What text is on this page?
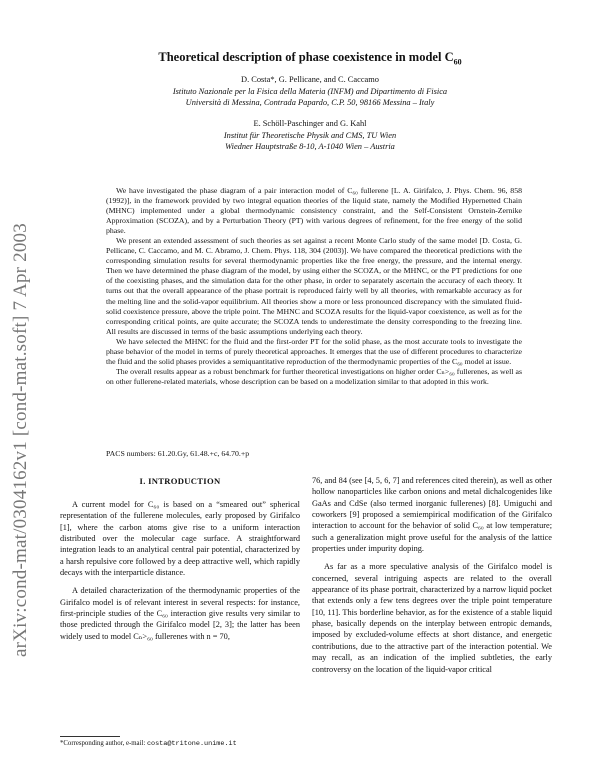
arXiv:cond-mat/0304162v1 [cond-mat.soft] 7 Apr 2003
Theoretical description of phase coexistence in model $C_{60}$
D. Costa*, G. Pellicane, and C. Caccamo
Istituto Nazionale per la Fisica della Materia (INFM) and Dipartimento di Fisica
Università di Messina, Contrada Papardo, C.P. 50, 98166 Messina – Italy
E. Schöll-Paschinger and G. Kahl
Institut für Theoretische Physik and CMS, TU Wien
Wiedner Hauptstraße 8-10, A-1040 Wien – Austria

We have investigated the phase diagram of a pair interaction model of C₆₀ fullerene [L. A. Girifalco, J. Phys. Chem. 96, 858 (1992)], in the framework provided by two integral equation theories of the liquid state, namely the Modified Hypernetted Chain (MHNC) implemented under a global thermodynamic consistency constraint, and the Self-Consistent Ornstein-Zernike Approximation (SCOZA), and by a Perturbation Theory (PT) with various degrees of refinement, for the free energy of the solid phase.

We present an extended assessment of such theories as set against a recent Monte Carlo study of the same model [D. Costa, G. Pellicane, C. Caccamo, and M. C. Abramo, J. Chem. Phys. 118, 304 (2003)]. We have compared the theoretical predictions with the corresponding simulation results for several thermodynamic properties like the free energy, the pressure, and the internal energy. Then we have determined the phase diagram of the model, by using either the SCOZA, or the MHNC, or the PT predictions for one of the coexisting phases, and the simulation data for the other phase, in order to separately ascertain the accuracy of each theory. It turns out that the overall appearance of the phase portrait is reproduced fairly well by all theories, with remarkable accuracy as for the melting line and the solid-vapor equilibrium. All theories show a more or less pronounced discrepancy with the simulated fluid-solid coexistence pressure, above the triple point. The MHNC and SCOZA results for the liquid-vapor coexistence, as well as for the corresponding critical points, are quite accurate; the SCOZA tends to underestimate the density corresponding to the freezing line. All results are discussed in terms of the basic assumptions underlying each theory.

We have selected the MHNC for the fluid and the first-order PT for the solid phase, as the most accurate tools to investigate the phase behavior of the model in terms of purely theoretical approaches. It emerges that the use of different procedures to characterize the fluid and the solid phases provides a semiquantitative reproduction of the thermodynamic properties of the C₆₀ model at issue.

The overall results appear as a robust benchmark for further theoretical investigations on higher order Cₙ>₆₀ fullerenes, as well as on other fullerene-related materials, whose description can be based on a modelization similar to that adopted in this work.

PACS numbers: 61.20.Gy, 61.48.+c, 64.70.+p
I. INTRODUCTION

A current model for C₆₀ is based on a “smeared out” spherical representation of the fullerene molecules, early proposed by Girifalco [1], where the carbon atoms give rise to a uniform interaction distributed over the molecular cage surface. A straightforward integration leads to an analytical central pair potential, characterized by a harsh repulsive core followed by a deep attractive well, which rapidly decays with the interparticle distance.

A detailed characterization of the thermodynamic properties of the Girifalco model is of relevant interest in several respects: for instance, first-principle studies of the C₆₀ interaction give results very similar to those predicted through the Girifalco model [2, 3]; the latter has been widely used to model Cₙ>₆₀ fullerenes with n = 70,

76, and 84 (see [4, 5, 6, 7] and references cited therein), as well as other hollow nanoparticles like carbon onions and metal dichalcogenides like GaAs and CdSe (also termed inorganic fullerenes) [8]. Umiguchi and coworkers [9] proposed a semiempirical modification of the Girifalco interaction to account for the behavior of solid C₆₀ at low temperature; such a generalization might prove useful for the analysis of the lattice properties under impurity doping.

As far as a more speculative analysis of the Girifalco model is concerned, several intriguing aspects are related to the overall appearance of its phase portrait, characterized by a narrow liquid pocket that extends only a few tens degrees over the triple point temperature [10, 11]. This borderline behavior, as for the existence of a stable liquid phase, basically depends on the interplay between entropic demands, imposed by excluded-volume effects at short distance, and energetic contributions, due to the attractive part of the interaction potential. We may recall, as an indication of the implied subtleties, the early controversy on the location of the liquid-vapor critical

*Corresponding author, e-mail: costa@tritone.unime.it
